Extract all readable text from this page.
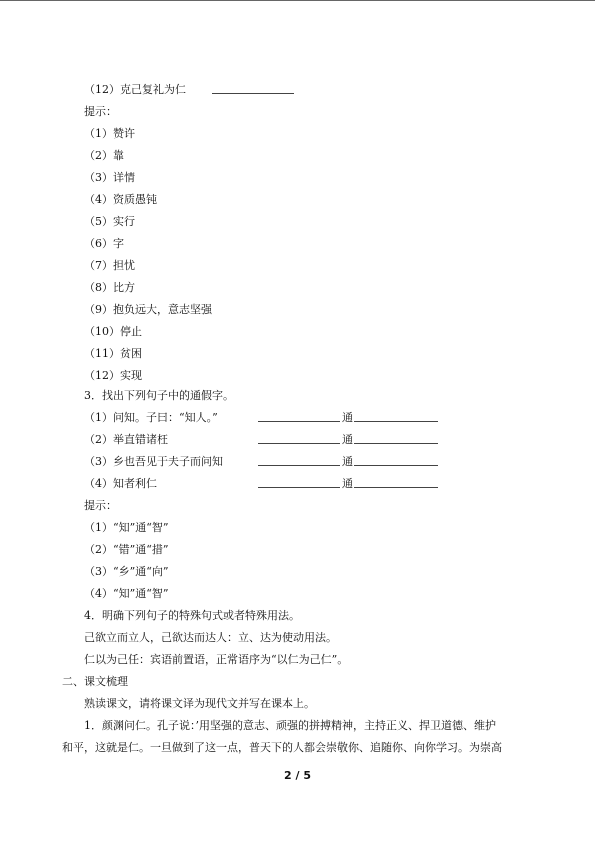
（12）克己复礼为仁
提示：
（1）赞许
（2）靠
（3）详情
（4）资质愚钝
（5）实行
（6）字
（7）担忧
（8）比方
（9）抱负远大，意志坚强
（10）停止
（11）贫困
（12）实现
3．找出下列句子中的通假字。
（1）问知。子曰：“知人。”	通
（2）举直错诸枉	通
（3）乡也吾见于夫子而问知	通
（4）知者利仁	通
提示：
（1）“知”通“智”
（2）“错”通“措”
（3）“乡”通“向”
（4）“知”通“智”
4．明确下列句子的特殊句式或者特殊用法。
己欲立而立人，己欲达而达人：立、达为使动用法。
仁以为己任：宾语前置语，正常语序为“以仁为己仁”。
二、课文梳理
熟读课文，请将课文译为现代文并写在课本上。
1．颜渊问仁。孔子说：’用坚强的意志、顽强的拼搏精神，主持正义、捍卫道德、维护
和平，这就是仁。一旦做到了这一点，普天下的人都会崇敬你、追随你、向你学习。为崇高
2 / 5
